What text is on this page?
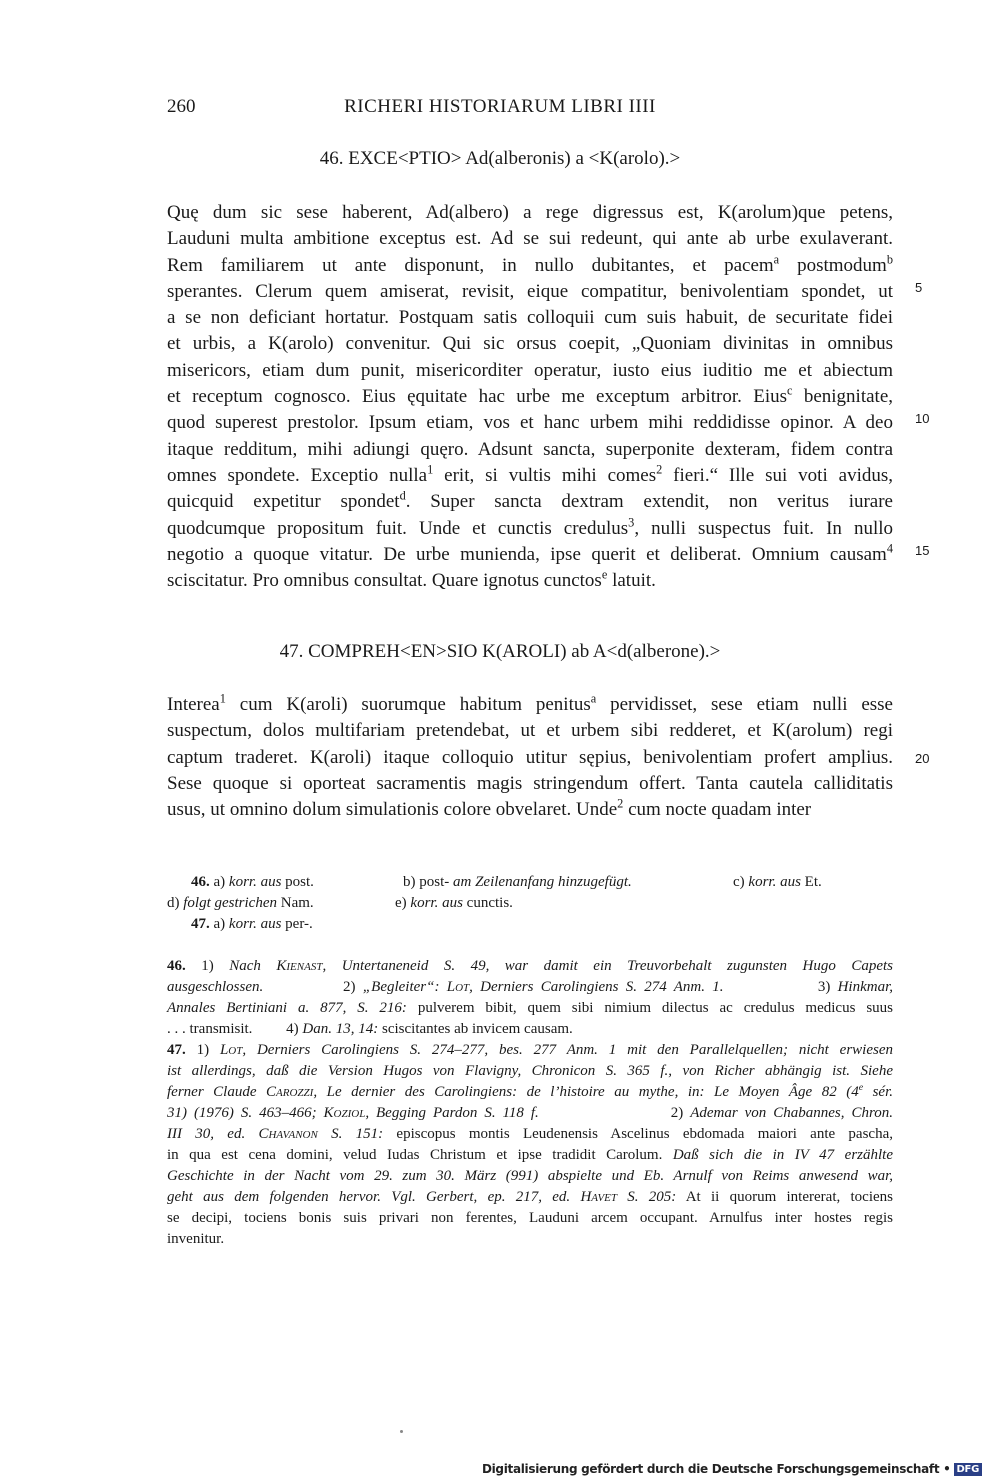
260	RICHERI HISTORIARUM LIBRI IIII
46. EXCE<PTIO> Ad(alberonis) a <K(arolo).>
Quę dum sic sese haberent, Ad(albero) a rege digressus est, K(arolum)que petens,
Lauduni multa ambitione exceptus est. Ad se sui redeunt, qui ante ab urbe exulaverant.
Rem familiarem ut ante disponunt, in nullo dubitantes, et pacem$^a$ postmodum$^b$
sperantes. Clerum quem amiserat, revisit, eique compatitur, benivolentiam spondet, ut
a se non deficiant hortatur. Postquam satis colloquii cum suis habuit, de securitate fidei
et urbis, a K(arolo) convenitur. Qui sic orsus coepit, „Quoniam divinitas in omnibus
misericors, etiam dum punit, misericorditer operatur, iusto eius iuditio me et abiectum
et receptum cognosco. Eius ęquitate hac urbe me exceptum arbitror. Eius$^c$ benignitate,
quod superest prestolor. Ipsum etiam, vos et hanc urbem mihi reddidisse opinor. A deo
itaque redditum, mihi adiungi quęro. Adsunt sancta, superponite dexteram, fidem contra
omnes spondete. Exceptio nulla$^1$ erit, si vultis mihi comes$^2$ fieri.“ Ille sui voti avidus,
quicquid expetitur spondet$^d$. Super sancta dextram extendit, non veritus iurare
quodcumque propositum fuit. Unde et cunctis credulus$^3$, nulli suspectus fuit. In nullo
negotio a quoque vitatur. De urbe munienda, ipse querit et deliberat. Omnium causam$^4$
sciscitatur. Pro omnibus consultat. Quare ignotus cunctos$^e$ latuit.
5
10
15
20
47. COMPREH<EN>SIO K(AROLI) ab A<d(alberone).>
Interea$^1$ cum K(aroli) suorumque habitum penitus$^a$ pervidisset, sese etiam nulli esse
suspectum, dolos multifariam pretendebat, ut et urbem sibi redderet, et K(arolum) regi
captum traderet. K(aroli) itaque colloquio utitur sępius, benivolentiam profert amplius.
Sese quoque si oporteat sacramentis magis stringendum offert. Tanta cautela calliditatis
usus, ut omnino dolum simulationis colore obvelaret. Unde$^2$ cum nocte quadam inter
46. a) korr. aus post.	b) post- am Zeilenanfang hinzugefügt.	c) korr. aus Et.
d) folgt gestrichen Nam.	e) korr. aus cunctis.
47. a) korr. aus per-.
46. 1) Nach Kienast, Untertaneneid S. 49, war damit ein Treuvorbehalt zugunsten Hugo Capets
ausgeschlossen.           2) „Begleiter“: Lot, Derniers Carolingiens S. 274 Anm. 1.             3) Hinkmar,
Annales Bertiniani a. 877, S. 216: pulverem bibit, quem sibi nimium dilectus ac credulus medicus suus
. . . transmisit.         4) Dan. 13, 14: sciscitantes ab invicem causam.
47. 1) Lot, Derniers Carolingiens S. 274–277, bes. 277 Anm. 1 mit den Parallelquellen; nicht erwiesen
ist allerdings, daß die Version Hugos von Flavigny, Chronicon S. 365 f., von Richer abhängig ist. Siehe
ferner Claude Carozzi, Le dernier des Carolingiens: de l’histoire au mythe, in: Le Moyen Âge 82 (4e sér.
31) (1976) S. 463–466; Koziol, Begging Pardon S. 118 f.                   2) Ademar von Chabannes, Chron.
III 30, ed. Chavanon S. 151: episcopus montis Leudenensis Ascelinus ebdomada maiori ante pascha,
in qua est cena domini, velud Iudas Christum et ipse tradidit Carolum. Daß sich die in IV 47 erzählte
Geschichte in der Nacht vom 29. zum 30. März (991) abspielte und Eb. Arnulf von Reims anwesend war,
geht aus dem folgenden hervor. Vgl. Gerbert, ep. 217, ed. Havet S. 205: At ii quorum intererat, tociens
se decipi, tociens bonis suis privari non ferentes, Lauduni arcem occupant. Arnulfus inter hostes regis
invenitur.
Digitalisierung gefördert durch die Deutsche Forschungsgemeinschaft • DFG
